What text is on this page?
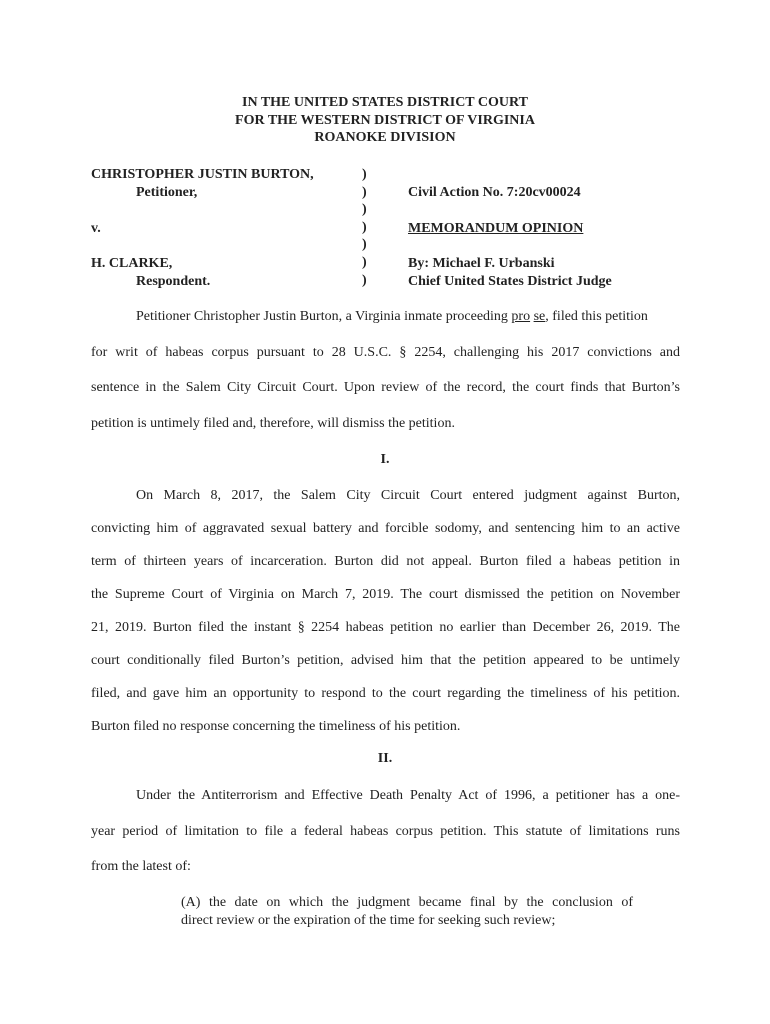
IN THE UNITED STATES DISTRICT COURT
FOR THE WESTERN DISTRICT OF VIRGINIA
ROANOKE DIVISION
CHRISTOPHER JUSTIN BURTON,
Petitioner,
v.
H. CLARKE,
Respondent.
)
)
)
)
)
)
)
Civil Action No. 7:20cv00024
MEMORANDUM OPINION
By: Michael F. Urbanski
Chief United States District Judge
Petitioner Christopher Justin Burton, a Virginia inmate proceeding pro se, filed this petition
for writ of habeas corpus pursuant to 28 U.S.C. § 2254, challenging his 2017 convictions and
sentence in the Salem City Circuit Court. Upon review of the record, the court finds that Burton’s
petition is untimely filed and, therefore, will dismiss the petition.
I.
On March 8, 2017, the Salem City Circuit Court entered judgment against Burton,
convicting him of aggravated sexual battery and forcible sodomy, and sentencing him to an active
term of thirteen years of incarceration. Burton did not appeal. Burton filed a habeas petition in
the Supreme Court of Virginia on March 7, 2019. The court dismissed the petition on November
21, 2019. Burton filed the instant § 2254 habeas petition no earlier than December 26, 2019. The
court conditionally filed Burton’s petition, advised him that the petition appeared to be untimely
filed, and gave him an opportunity to respond to the court regarding the timeliness of his petition.
Burton filed no response concerning the timeliness of his petition.
II.
Under the Antiterrorism and Effective Death Penalty Act of 1996, a petitioner has a one-
year period of limitation to file a federal habeas corpus petition. This statute of limitations runs
from the latest of:
(A) the date on which the judgment became final by the conclusion of
direct review or the expiration of the time for seeking such review;
